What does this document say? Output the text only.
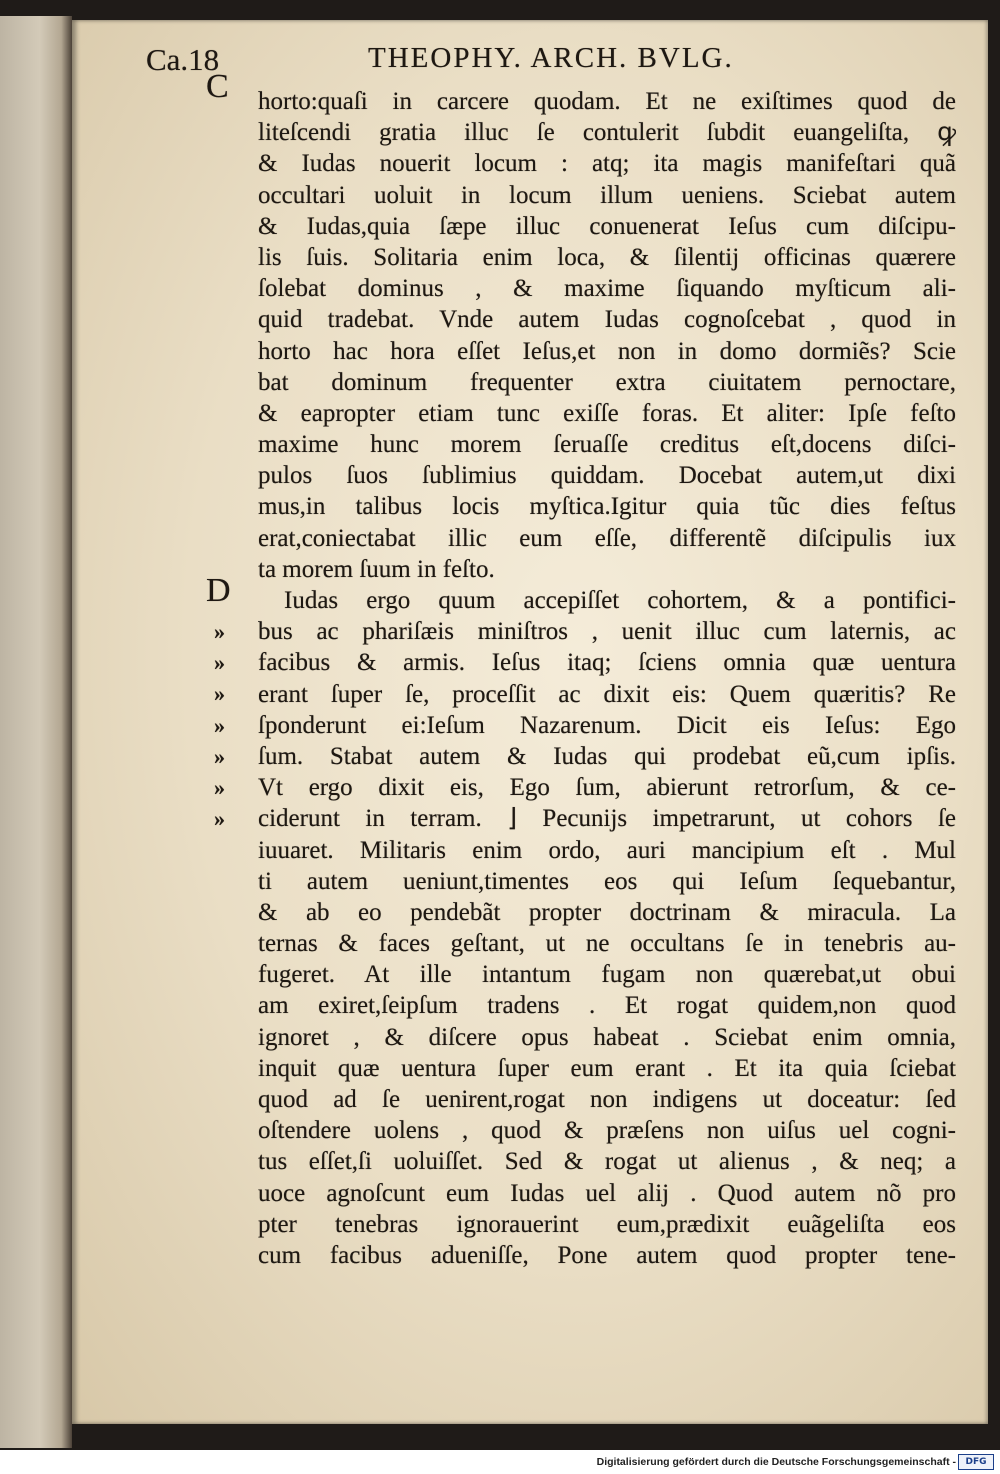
Ca.18	THEOPHY. ARCH. BVLG.
C
D
»
»
»
»
»
»
»
horto:quaſi in carcere quodam. Et ne exiſtimes quod de
liteſcendi gratia illuc ſe contulerit ſubdit euangeliſta, ꝙ
& Iudas nouerit locum : atq; ita magis manifeſtari quã
occultari uoluit in locum illum ueniens. Sciebat autem
& Iudas,quia ſæpe illuc conuenerat Ieſus cum diſcipu-
lis ſuis. Solitaria enim loca, & ſilentij officinas quærere
ſolebat dominus , & maxime ſiquando myſticum ali-
quid tradebat. Vnde autem Iudas cognoſcebat , quod in
horto hac hora eſſet Ieſus,et non in domo dormiẽs? Scie
bat dominum frequenter extra ciuitatem pernoctare,
& eapropter etiam tunc exiſſe foras. Et aliter: Ipſe feſto
maxime hunc morem ſeruaſſe creditus eſt,docens diſci-
pulos ſuos ſublimius quiddam. Docebat autem,ut dixi
mus,in talibus locis myſtica.Igitur quia tũc dies feſtus
erat,coniectabat illic eum eſſe, differentẽ diſcipulis iux
ta morem ſuum in feſto.
Iudas ergo quum accepiſſet cohortem, & a pontifici-
bus ac phariſæis miniſtros , uenit illuc cum laternis, ac
facibus & armis. Ieſus itaq; ſciens omnia quæ uentura
erant ſuper ſe, proceſſit ac dixit eis: Quem quæritis? Re
ſponderunt ei:Ieſum Nazarenum. Dicit eis Ieſus: Ego
ſum. Stabat autem & Iudas qui prodebat eũ,cum ipſis.
Vt ergo dixit eis, Ego ſum, abierunt retrorſum, & ce-
ciderunt in terram. ⌋ Pecunijs impetrarunt, ut cohors ſe
iuuaret. Militaris enim ordo, auri mancipium eſt . Mul
ti autem ueniunt,timentes eos qui Ieſum ſequebantur,
& ab eo pendebãt propter doctrinam & miracula. La
ternas & faces geſtant, ut ne occultans ſe in tenebris au-
fugeret. At ille intantum fugam non quærebat,ut obui
am exiret,ſeipſum tradens . Et rogat quidem,non quod
ignoret , & diſcere opus habeat . Sciebat enim omnia,
inquit quæ uentura ſuper eum erant . Et ita quia ſciebat
quod ad ſe uenirent,rogat non indigens ut doceatur: ſed
oſtendere uolens , quod & præſens non uiſus uel cogni-
tus eſſet,ſi uoluiſſet. Sed & rogat ut alienus , & neq; a
uoce agnoſcunt eum Iudas uel alij . Quod autem nõ pro
pter tenebras ignorauerint eum,prædixit euãgeliſta eos
cum facibus adueniſſe, Pone autem quod propter tene-
Digitalisierung gefördert durch die Deutsche Forschungsgemeinschaft -	DFG
